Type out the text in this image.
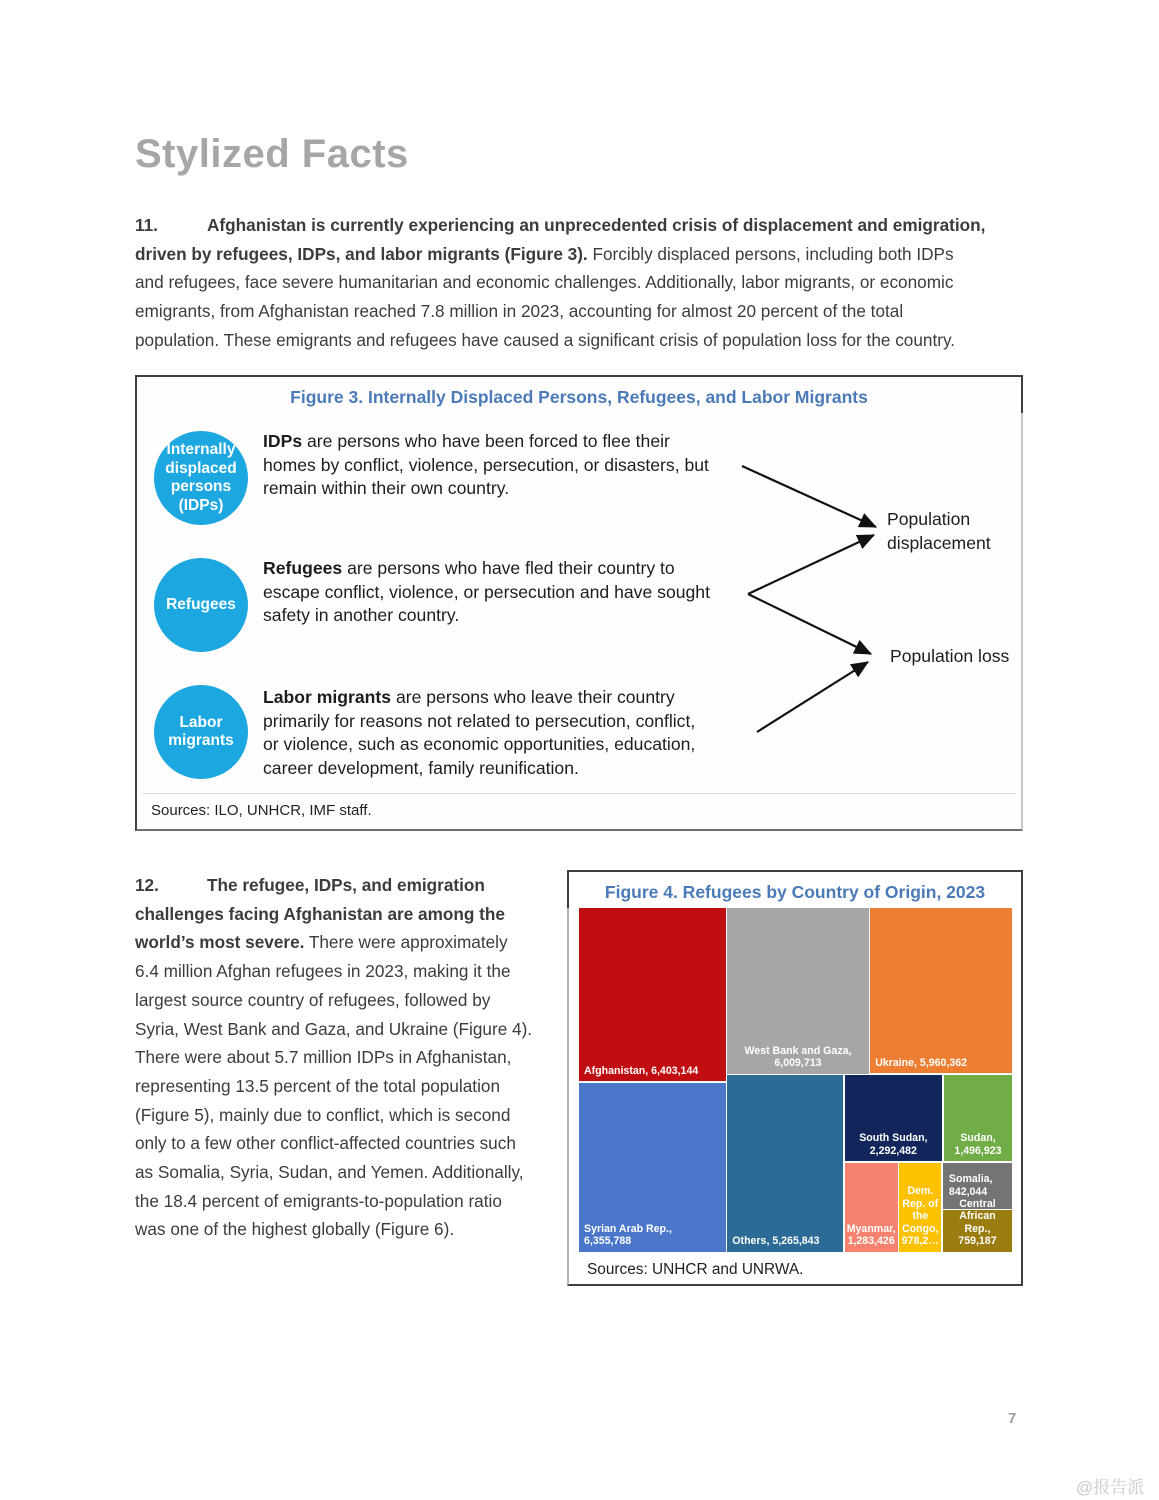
Stylized Facts
11.	Afghanistan is currently experiencing an unprecedented crisis of displacement and emigration,
driven by refugees, IDPs, and labor migrants (Figure 3). Forcibly displaced persons, including both IDPs
and refugees, face severe humanitarian and economic challenges. Additionally, labor migrants, or economic
emigrants, from Afghanistan reached 7.8 million in 2023, accounting for almost 20 percent of the total
population. These emigrants and refugees have caused a significant crisis of population loss for the country.
Figure 3. Internally Displaced Persons, Refugees, and Labor Migrants
Internally
displaced
persons
(IDPs)
Refugees
Labor
migrants
IDPs are persons who have been forced to flee their
homes by conflict, violence, persecution, or disasters, but
remain within their own country.
Refugees are persons who have fled their country to
escape conflict, violence, or persecution and have sought
safety in another country.
Labor migrants are persons who leave their country
primarily for reasons not related to persecution, conflict,
or violence, such as economic opportunities, education,
career development, family reunification.
Population
displacement
Population loss
Sources: ILO, UNHCR, IMF staff.
12.	The refugee, IDPs, and emigration
challenges facing Afghanistan are among the
world’s most severe. There were approximately
6.4 million Afghan refugees in 2023, making it the
largest source country of refugees, followed by
Syria, West Bank and Gaza, and Ukraine (Figure 4).
There were about 5.7 million IDPs in Afghanistan,
representing 13.5 percent of the total population
(Figure 5), mainly due to conflict, which is second
only to a few other conflict-affected countries such
as Somalia, Syria, Sudan, and Yemen. Additionally,
the 18.4 percent of emigrants-to-population ratio
was one of the highest globally (Figure 6).
Figure 4. Refugees by Country of Origin, 2023
Afghanistan, 6,403,144
West Bank and Gaza,
6,009,713	Ukraine, 5,960,362
Syrian Arab Rep., 6,355,788	Others, 5,265,843
South Sudan,
2,292,482
Sudan,
1,496,923
Myanmar,
1,283,426
Dem.
Rep. of
the
Congo,
978,2…
Somalia,
842,044
Central
African Rep.,
759,187
Sources: UNHCR and UNRWA.
7
@报告派
